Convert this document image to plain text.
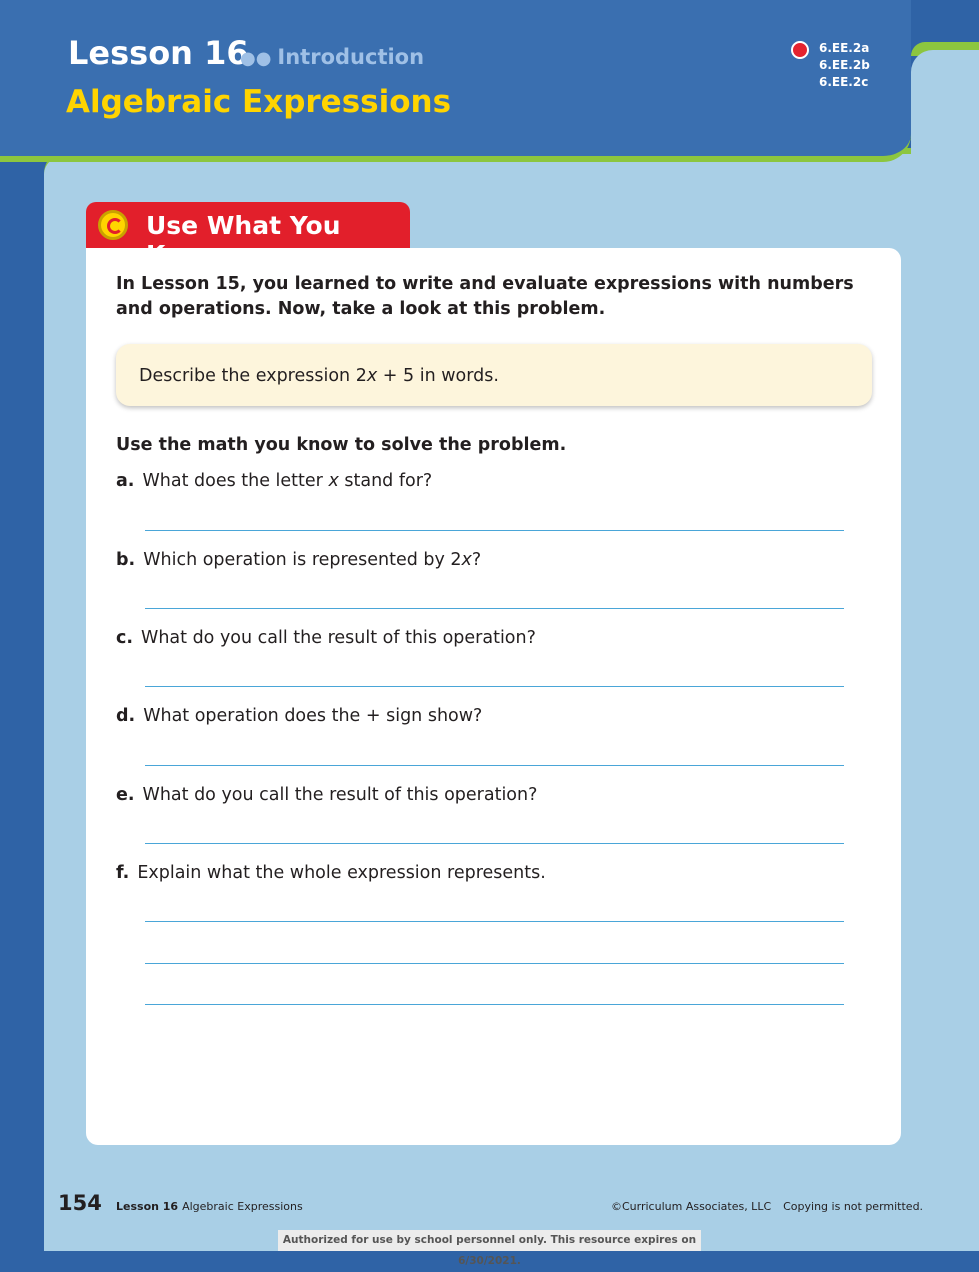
Lesson 16
●● Introduction
Algebraic Expressions
6.EE.2a
6.EE.2b
6.EE.2c
Use What You
In Lesson 15, you learned to write and evaluate expressions with numbers and operations. Now, take a look at this problem.
Describe the expression 2x + 5 in words.
Use the math you know to solve the problem.
a. What does the letter x stand for?
b. Which operation is represented by 2x?
c. What do you call the result of this operation?
d. What operation does the + sign show?
e. What do you call the result of this operation?
f. Explain what the whole expression represents.
154 Lesson 16 Algebraic Expressions	©Curriculum Associates, LLC Copying is not permitted.
Authorized for use by school personnel only. This resource expires on 6/30/2021.
